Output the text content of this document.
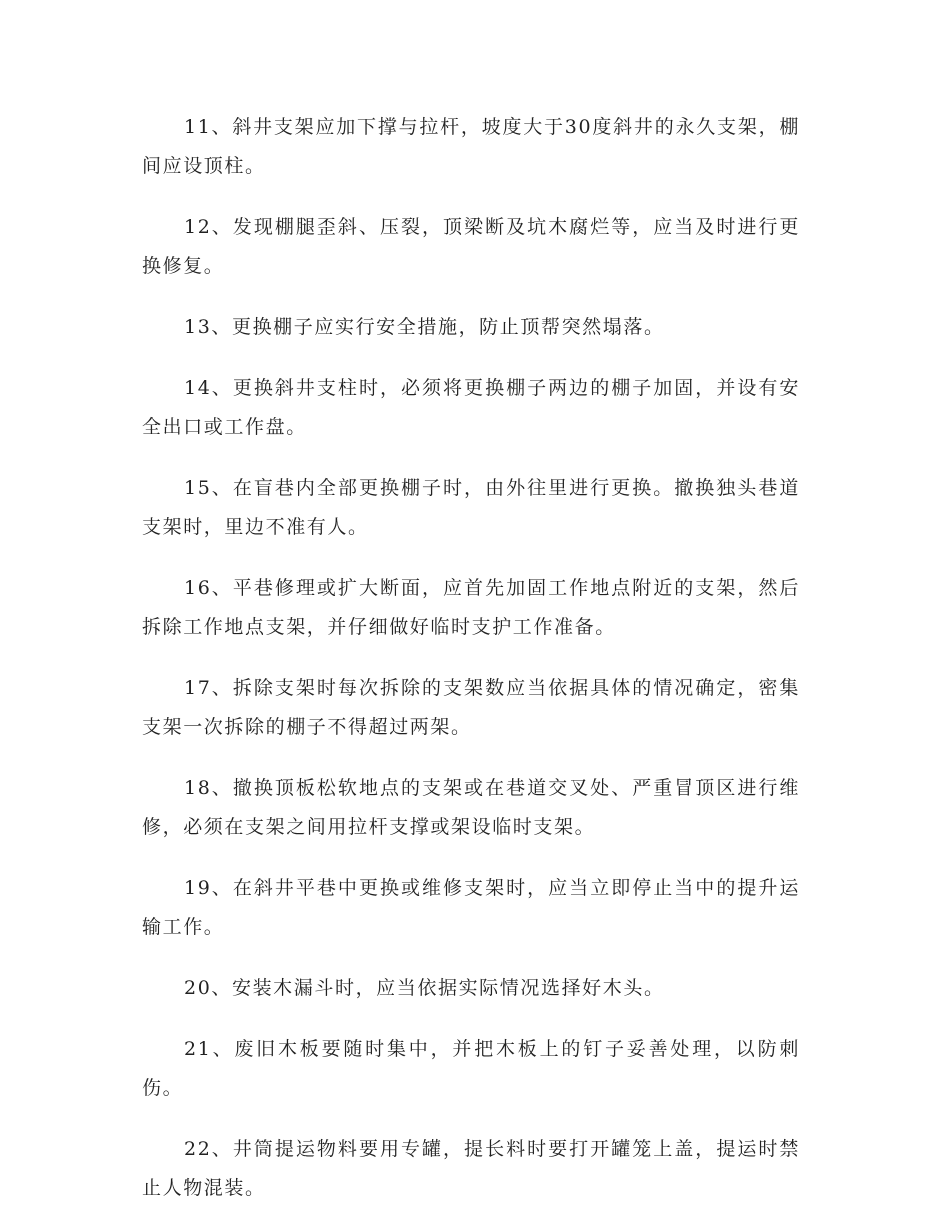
11、斜井支架应加下撑与拉杆，坡度大于30度斜井的永久支架，棚间应设顶柱。

12、发现棚腿歪斜、压裂，顶梁断及坑木腐烂等，应当及时进行更换修复。

13、更换棚子应实行安全措施，防止顶帮突然塌落。

14、更换斜井支柱时，必须将更换棚子两边的棚子加固，并设有安全出口或工作盘。

15、在盲巷内全部更换棚子时，由外往里进行更换。撤换独头巷道支架时，里边不准有人。

16、平巷修理或扩大断面，应首先加固工作地点附近的支架，然后拆除工作地点支架，并仔细做好临时支护工作准备。

17、拆除支架时每次拆除的支架数应当依据具体的情况确定，密集支架一次拆除的棚子不得超过两架。

18、撤换顶板松软地点的支架或在巷道交叉处、严重冒顶区进行维修，必须在支架之间用拉杆支撑或架设临时支架。

19、在斜井平巷中更换或维修支架时，应当立即停止当中的提升运输工作。

20、安装木漏斗时，应当依据实际情况选择好木头。

21、废旧木板要随时集中，并把木板上的钉子妥善处理，以防刺伤。

22、井筒提运物料要用专罐，提长料时要打开罐笼上盖，提运时禁止人物混装。
